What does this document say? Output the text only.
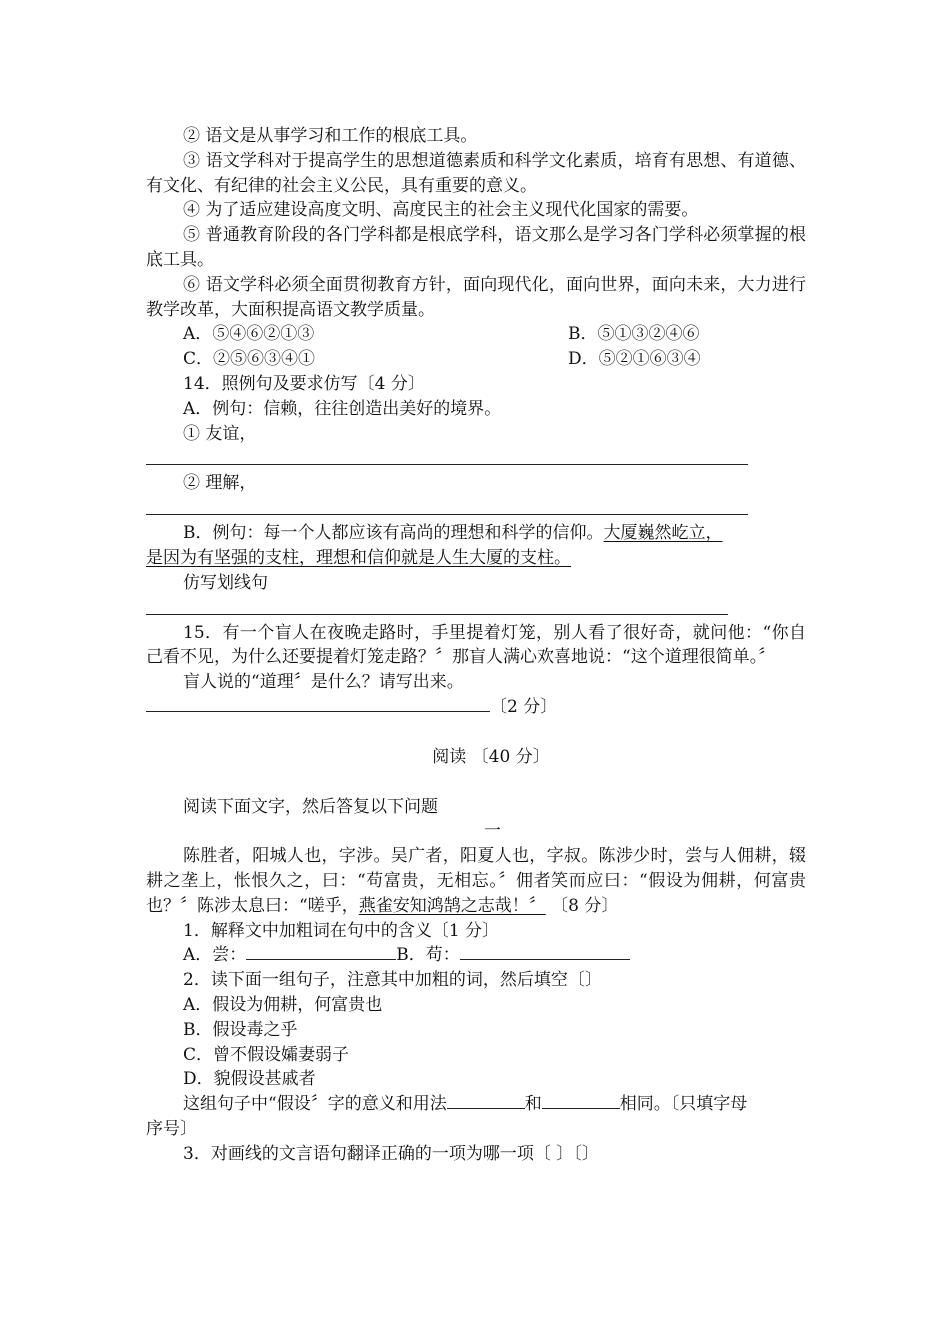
② 语文是从事学习和工作的根底工具。

③ 语文学科对于提高学生的思想道德素质和科学文化素质，培育有思想、有道德、有文化、有纪律的社会主义公民，具有重要的意义。

④ 为了适应建设高度文明、高度民主的社会主义现代化国家的需要。

⑤ 普通教育阶段的各门学科都是根底学科，语文那么是学习各门学科必须掌握的根底工具。

⑥ 语文学科必须全面贯彻教育方针，面向现代化，面向世界，面向未来，大力进行教学改革，大面积提高语文教学质量。

A．⑤④⑥②①③	B．⑤①③②④⑥
C．②⑤⑥③④①	D．⑤②①⑥③④

14．照例句及要求仿写〔4 分〕

A．例句：信赖，往往创造出美好的境界。

① 友谊，

② 理解，

B．例句：每一个人都应该有高尚的理想和科学的信仰。大厦巍然屹立，

是因为有坚强的支柱，理想和信仰就是人生大厦的支柱。

仿写划线句

15．有一个盲人在夜晚走路时，手里提着灯笼，别人看了很好奇，就问他：“你自己看不见，为什么还要提着灯笼走路？〞那盲人满心欢喜地说：“这个道理很简单。〞

盲人说的“道理〞是什么？请写出来。

〔2 分〕

阅读 〔40 分〕

阅读下面文字，然后答复以下问题

一

陈胜者，阳城人也，字涉。吴广者，阳夏人也，字叔。陈涉少时，尝与人佣耕，辍耕之垄上，怅恨久之，曰：“苟富贵，无相忘。〞佣者笑而应曰：“假设为佣耕，何富贵也？〞陈涉太息曰：“嗟乎，燕雀安知鸿鹄之志哉！〞 〔8 分〕

1．解释文中加粗词在句中的含义〔1 分〕

A．尝：	B．苟：

2．读下面一组句子，注意其中加粗的词，然后填空〔〕

A．假设为佣耕，何富贵也

B．假设毒之乎

C．曾不假设孀妻弱子

D．貌假设甚戚者

这组句子中“假设〞字的意义和用法	和	相同。〔只填字母

序号〕

3．对画线的文言语句翻译正确的一项为哪一项〔 〕〔〕
